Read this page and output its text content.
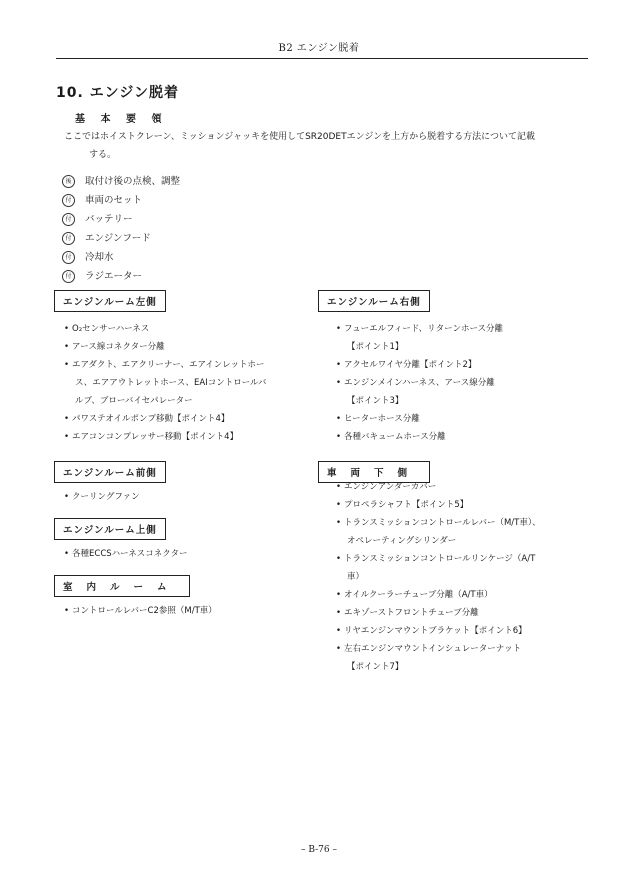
B2 エンジン脱着
10. エンジン脱着
基 本 要 領
ここではホイストクレーン、ミッションジャッキを使用してSR20DETエンジンを上方から脱着する方法について記載
する。
後 取付け後の点検、調整
付 車両のセット
付 バッテリー
付 エンジンフード
付 冷却水
付 ラジエーター
エンジンルーム左側
• O₂センサーハーネス
• アース線コネクター分離
• エアダクト、エアクリーナー、エアインレットホー
ス、エアアウトレットホース、EAIコントロールバ
ルブ、ブローバイセパレーター
• パワステオイルポンプ移動【ポイント4】
• エアコンコンプレッサー移動【ポイント4】
エンジンルーム前側
• クーリングファン
エンジンルーム上側
• 各種ECCSハーネスコネクター
室内ルーム
• コントロールレバーC2参照（M/T車）
エンジンルーム右側
• フューエルフィード、リターンホース分離
【ポイント1】
• アクセルワイヤ分離【ポイント2】
• エンジンメインハーネス、アース線分離
【ポイント3】
• ヒーターホース分離
• 各種バキュームホース分離
車両下側
• エンジンアンダーカバー
• プロペラシャフト【ポイント5】
• トランスミッションコントロールレバー（M/T車）、
オペレーティングシリンダー
• トランスミッションコントロールリンケージ（A/T
車）
• オイルクーラーチューブ分離（A/T車）
• エキゾーストフロントチューブ分離
• リヤエンジンマウントブラケット【ポイント6】
• 左右エンジンマウントインシュレーターナット
【ポイント7】
– B-76 –
